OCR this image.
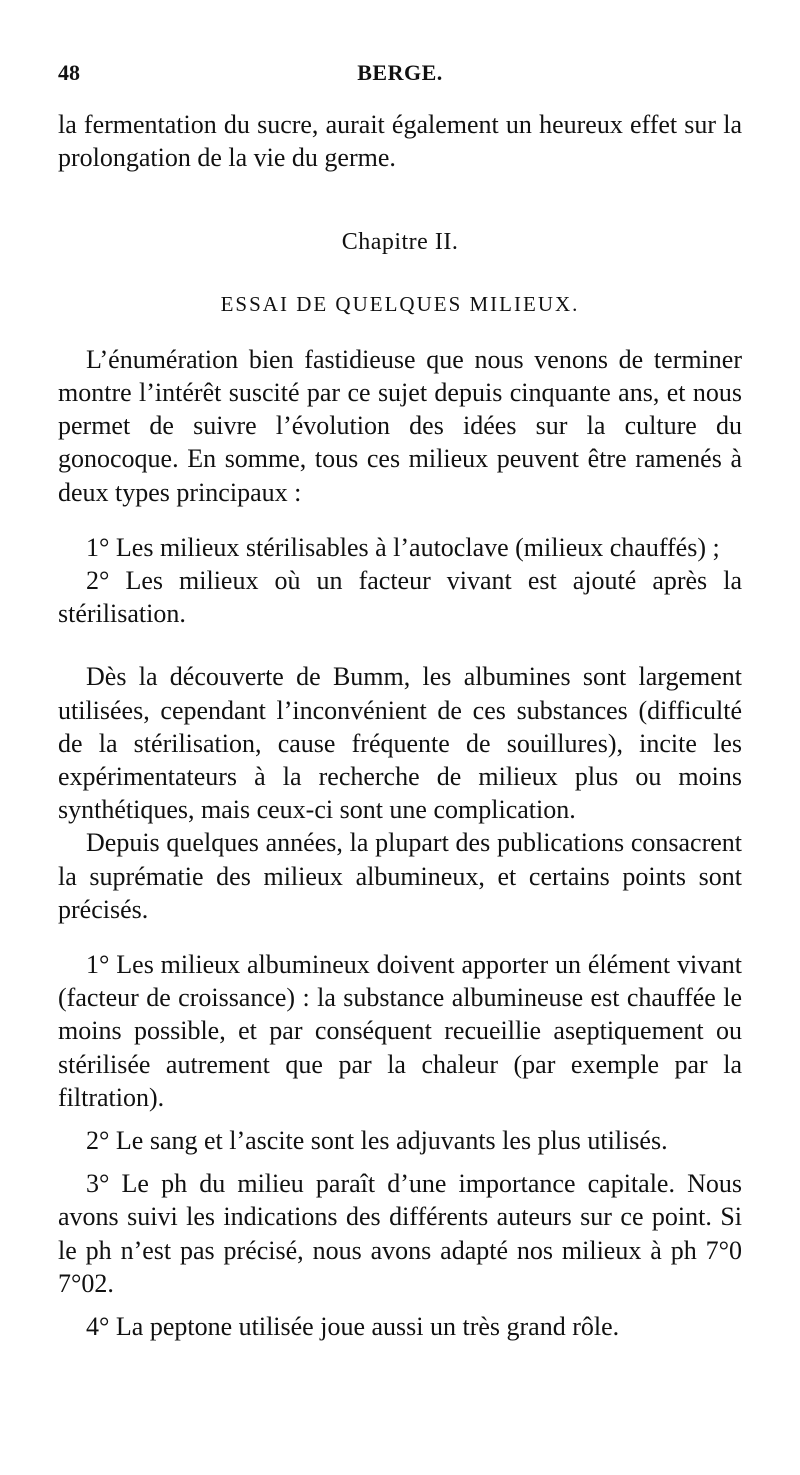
48	BERGE.

la fermentation du sucre, aurait également un heureux effet sur la prolongation de la vie du germe.

Chapitre II.
ESSAI DE QUELQUES MILIEUX.

L’énumération bien fastidieuse que nous venons de terminer montre l’intérêt suscité par ce sujet depuis cinquante ans, et nous permet de suivre l’évolution des idées sur la culture du gonocoque. En somme, tous ces milieux peuvent être ramenés à deux types principaux :

1° Les milieux stérilisables à l’autoclave (milieux chauffés) ;

2° Les milieux où un facteur vivant est ajouté après la stérilisation.

Dès la découverte de Bumm, les albumines sont largement utilisées, cependant l’inconvénient de ces substances (difficulté de la stérilisation, cause fréquente de souillures), incite les expérimentateurs à la recherche de milieux plus ou moins synthétiques, mais ceux-ci sont une complication.

Depuis quelques années, la plupart des publications consacrent la suprématie des milieux albumineux, et certains points sont précisés.

1° Les milieux albumineux doivent apporter un élément vivant (facteur de croissance) : la substance albumineuse est chauffée le moins possible, et par conséquent recueillie aseptiquement ou stérilisée autrement que par la chaleur (par exemple par la filtration).

2° Le sang et l’ascite sont les adjuvants les plus utilisés.

3° Le ph du milieu paraît d’une importance capitale. Nous avons suivi les indications des différents auteurs sur ce point. Si le ph n’est pas précisé, nous avons adapté nos milieux à ph 7°0 7°02.

4° La peptone utilisée joue aussi un très grand rôle.
